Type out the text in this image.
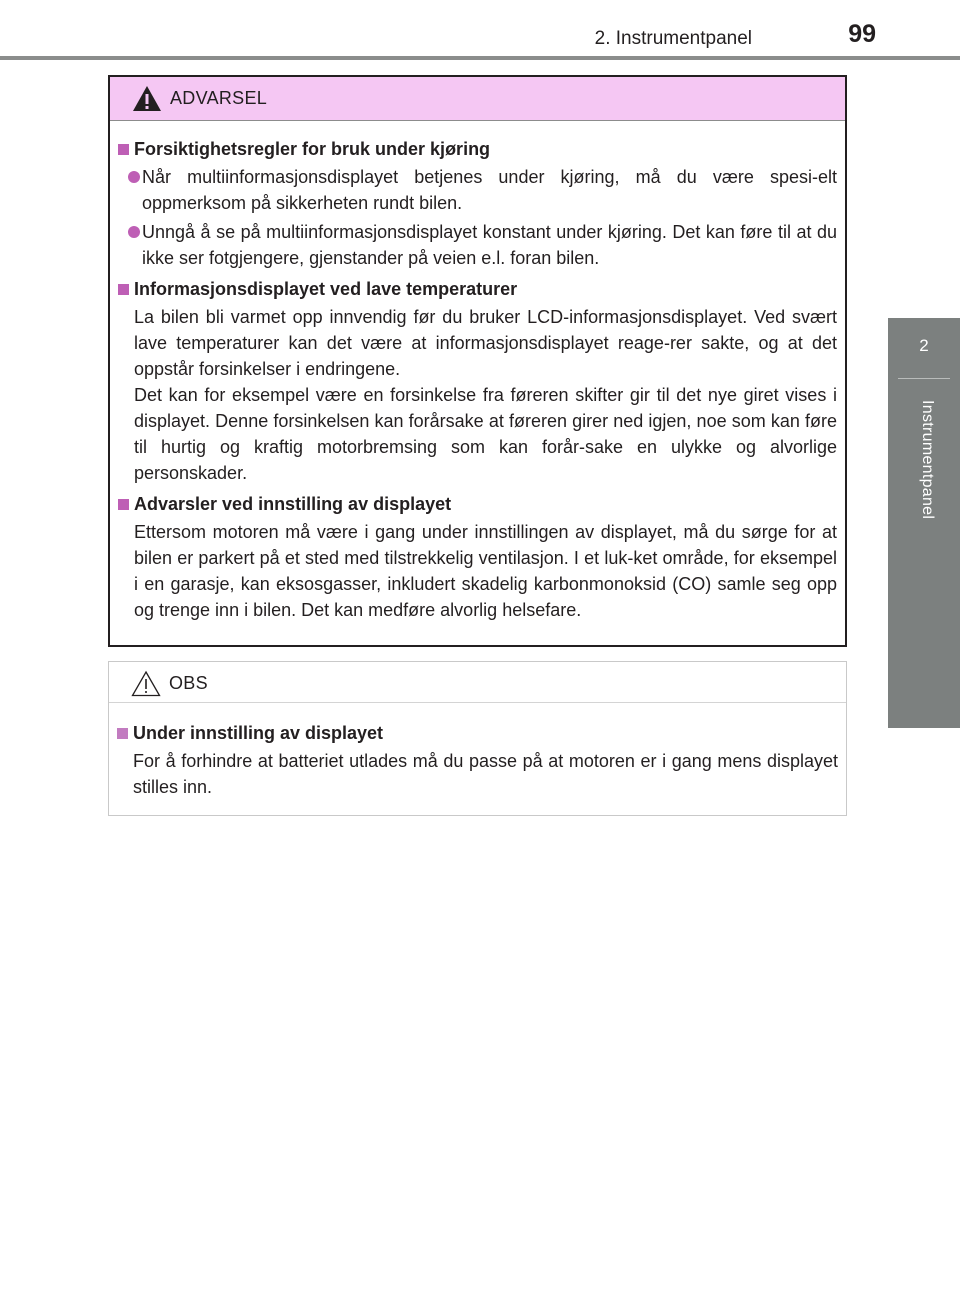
2. Instrumentpanel	99
2
Instrumentpanel
ADVARSEL
Forsiktighetsregler for bruk under kjøring
Når multiinformasjonsdisplayet betjenes under kjøring, må du være spesi-elt oppmerksom på sikkerheten rundt bilen.
Unngå å se på multiinformasjonsdisplayet konstant under kjøring. Det kan føre til at du ikke ser fotgjengere, gjenstander på veien e.l. foran bilen.
Informasjonsdisplayet ved lave temperaturer
La bilen bli varmet opp innvendig før du bruker LCD-informasjonsdisplayet. Ved svært lave temperaturer kan det være at informasjonsdisplayet reage-rer sakte, og at det oppstår forsinkelser i endringene.
Det kan for eksempel være en forsinkelse fra føreren skifter gir til det nye giret vises i displayet. Denne forsinkelsen kan forårsake at føreren girer ned igjen, noe som kan føre til hurtig og kraftig motorbremsing som kan forår-sake en ulykke og alvorlige personskader.
Advarsler ved innstilling av displayet
Ettersom motoren må være i gang under innstillingen av displayet, må du sørge for at bilen er parkert på et sted med tilstrekkelig ventilasjon. I et luk-ket område, for eksempel i en garasje, kan eksosgasser, inkludert skadelig karbonmonoksid (CO) samle seg opp og trenge inn i bilen. Det kan medføre alvorlig helsefare.
OBS
Under innstilling av displayet
For å forhindre at batteriet utlades må du passe på at motoren er i gang mens displayet stilles inn.
